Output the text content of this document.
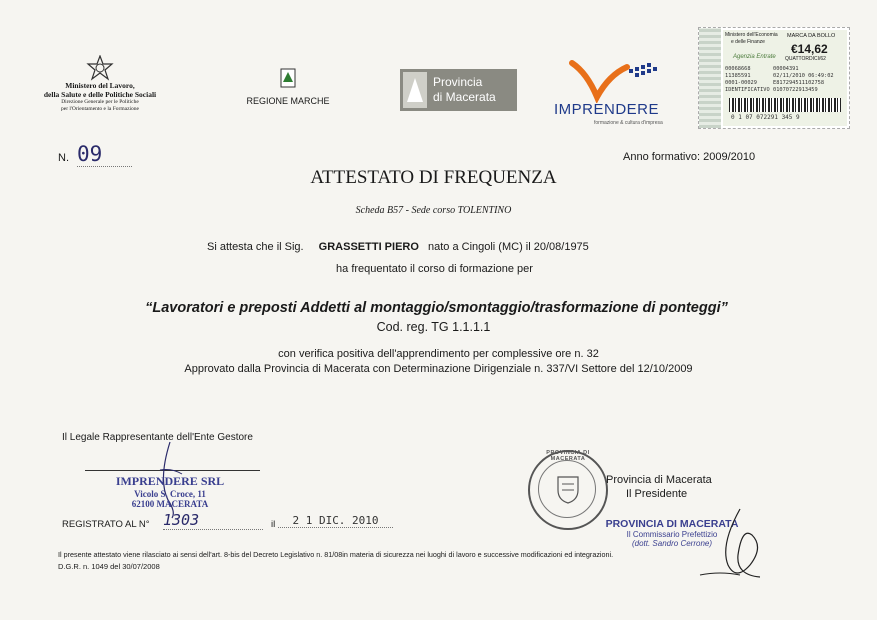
Ministero del Lavoro,
della Salute e delle Politiche Sociali
Direzione Generale per le Politiche
per l'Orientamento e la Formazione
REGIONE MARCHE
Provincia
di Macerata
IMPRENDERE
formazione & cultura d'impresa
Ministero dell'Economia
e delle Finanze
Agenzia Entrate
MARCA DA BOLLO
€14,62
QUATTORDICI/62
00068668
11385591
0001-00029
IDENTIFICATIVO
00004391
02/11/2010 06:49:02
E817294511102758
01070722913459
0 1 07 072291 345 9
N. 09	Anno formativo: 2009/2010
ATTESTATO DI FREQUENZA
Scheda B57 - Sede corso TOLENTINO
Si attesta che il Sig. GRASSETTI PIERO nato a Cingoli (MC) il 20/08/1975
ha frequentato il corso di formazione per
“Lavoratori e preposti Addetti al montaggio/smontaggio/trasformazione di ponteggi”
Cod. reg. TG 1.1.1.1
con verifica positiva dell'apprendimento per complessive ore n. 32
Approvato dalla Provincia di Macerata con Determinazione Dirigenziale n. 337/VI Settore del 12/10/2009
Il Legale Rappresentante dell'Ente Gestore
IMPRENDERE SRL
Vicolo S. Croce, 11
62100 MACERATA
REGISTRATO AL N° 1303	il	2 1 DIC. 2010
PROVINCIA DI MACERATA
Provincia di Macerata
Il Presidente
PROVINCIA DI MACERATA
Il Commissario Prefettizio
(dott. Sandro Cerrone)
Il presente attestato viene rilasciato ai sensi dell'art. 8-bis del Decreto Legislativo n. 81/08in materia di sicurezza nei luoghi di lavoro e successive modificazioni ed integrazioni.
D.G.R. n. 1049 del 30/07/2008
